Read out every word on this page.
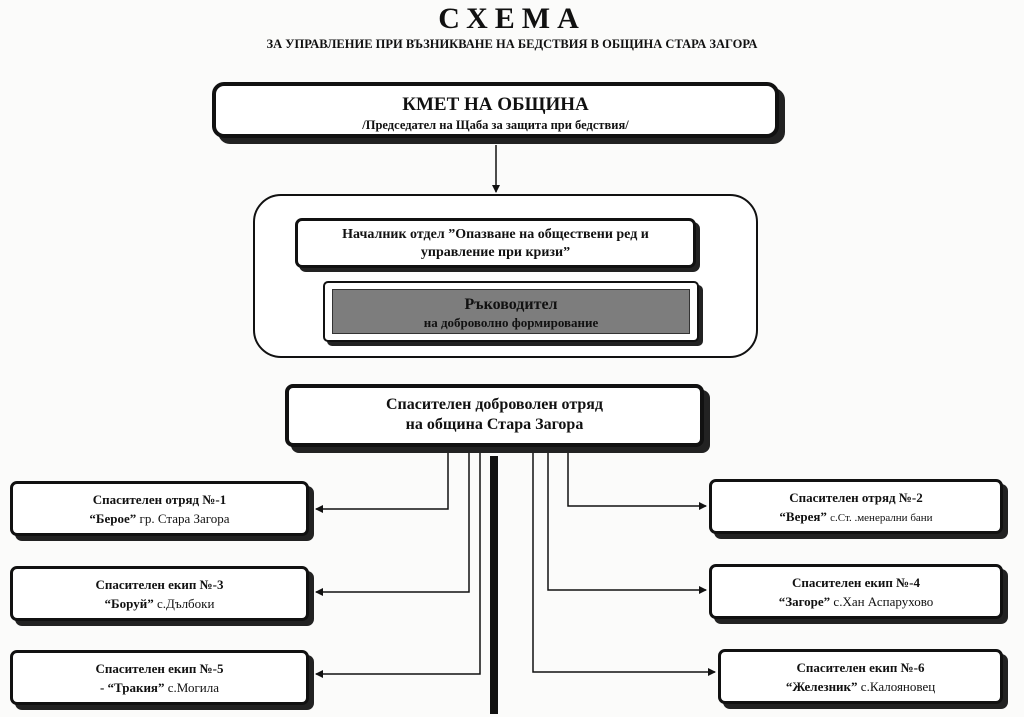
СХЕМА
ЗА УПРАВЛЕНИЕ ПРИ ВЪЗНИКВАНЕ НА БЕДСТВИЯ В ОБЩИНА СТАРА ЗАГОРА
КМЕТ НА ОБЩИНА
/Председател на Щаба за защита при бедствия/
Началник отдел ”Опазване на обществени ред и
управление при кризи”
Ръководител
на доброволно формирование
Спасителен доброволен отряд
на община Стара Загора
Спасителен отряд №-1
“Берое” гр. Стара Загора
Спасителен екип №-3
“Боруй” с.Дълбоки
Спасителен екип №-5
- “Тракия” с.Могила
Спасителен отряд №-2
“Верея” с.Ст. .менерални бани
Спасителен екип №-4
“Загоре” с.Хан Аспарухово
Спасителен екип №-6
“Железник” с.Калояновец
